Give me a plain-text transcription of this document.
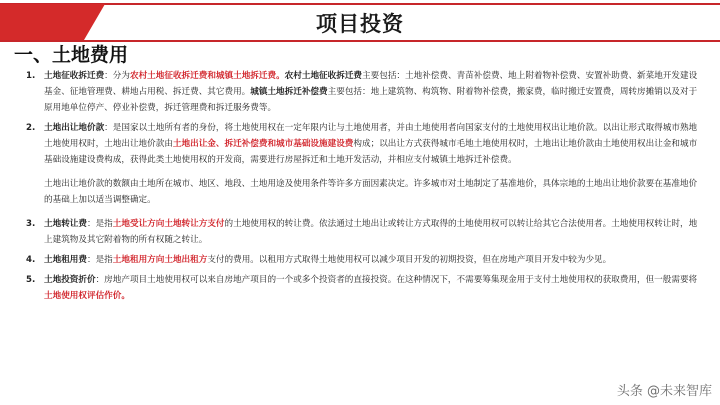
项目投资
一、土地费用
1. 土地征收拆迁费：分为农村土地征收拆迁费和城镇土地拆迁费。农村土地征收拆迁费主要包括：土地补偿费、青苗补偿费、地上附着物补偿费、安置补助费、新菜地开发建设基金、征地管理费、耕地占用税、拆迁费、其它费用。城镇土地拆迁补偿费主要包括：地上建筑物、构筑物、附着物补偿费，搬家费，临时搬迁安置费，周转房摊销以及对于原用地单位停产、停业补偿费，拆迁管理费和拆迁服务费等。
2. 土地出让地价款：是国家以土地所有者的身份，将土地使用权在一定年限内让与土地使用者，并由土地使用者向国家支付的土地使用权出让地价款。以出让形式取得城市熟地土地使用权时，土地出让地价款由土地出让金、拆迁补偿费和城市基础设施建设费构成；以出让方式获得城市毛地土地使用权时，土地出让地价款由土地使用权出让金和城市基础设施建设费构成，获得此类土地使用权的开发商，需要进行房屋拆迁和土地开发活动，并相应支付城镇土地拆迁补偿费。
土地出让地价款的数额由土地所在城市、地区、地段、土地用途及使用条件等许多方面因素决定。许多城市对土地制定了基准地价，具体宗地的土地出让地价款要在基准地价的基础上加以适当调整确定。
3. 土地转让费：是指土地受让方向土地转让方支付的土地使用权的转让费。依法通过土地出让或转让方式取得的土地使用权可以转让给其它合法使用者。土地使用权转让时，地上建筑物及其它附着物的所有权随之转让。
4. 土地租用费：是指土地租用方向土地出租方支付的费用。以租用方式取得土地使用权可以减少项目开发的初期投资，但在房地产项目开发中较为少见。
5. 土地投资折价：房地产项目土地使用权可以来自房地产项目的一个或多个投资者的直接投资。在这种情况下，不需要筹集现金用于支付土地使用权的获取费用，但一般需要将土地使用权评估作价。
头条 @未来智库
